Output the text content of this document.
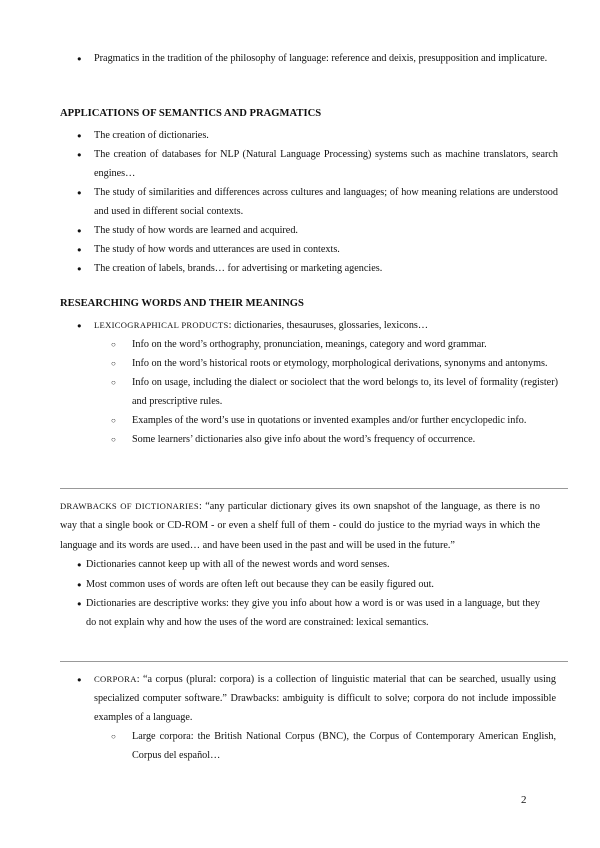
● Pragmatics in the tradition of the philosophy of language: reference and deixis, presupposition and implicature.
APPLICATIONS OF SEMANTICS AND PRAGMATICS
● The creation of dictionaries.
● The creation of databases for NLP (Natural Language Processing) systems such as machine translators, search engines…
● The study of similarities and differences across cultures and languages; of how meaning relations are understood and used in different social contexts.
● The study of how words are learned and acquired.
● The study of how words and utterances are used in contexts.
● The creation of labels, brands… for advertising or marketing agencies.
RESEARCHING WORDS AND THEIR MEANINGS
● LEXICOGRAPHICAL PRODUCTS: dictionaries, thesauruses, glossaries, lexicons…
○ Info on the word’s orthography, pronunciation, meanings, category and word grammar.
○ Info on the word’s historical roots or etymology, morphological derivations, synonyms and antonyms.
○ Info on usage, including the dialect or sociolect that the word belongs to, its level of formality (register) and prescriptive rules.
○ Examples of the word’s use in quotations or invented examples and/or further encyclopedic info.
○ Some learners’ dictionaries also give info about the word’s frequency of occurrence.
DRAWBACKS OF DICTIONARIES: “any particular dictionary gives its own snapshot of the language, as there is no way that a single book or CD-ROM - or even a shelf full of them - could do justice to the myriad ways in which the language and its words are used… and have been used in the past and will be used in the future.”
● Dictionaries cannot keep up with all of the newest words and word senses.
● Most common uses of words are often left out because they can be easily figured out.
● Dictionaries are descriptive works: they give you info about how a word is or was used in a language, but they do not explain why and how the uses of the word are constrained: lexical semantics.
● CORPORA: “a corpus (plural: corpora) is a collection of linguistic material that can be searched, usually using specialized computer software.” Drawbacks: ambiguity is difficult to solve; corpora do not include impossible examples of a language.
○ Large corpora: the British National Corpus (BNC), the Corpus of Contemporary American English, Corpus del español…
2
